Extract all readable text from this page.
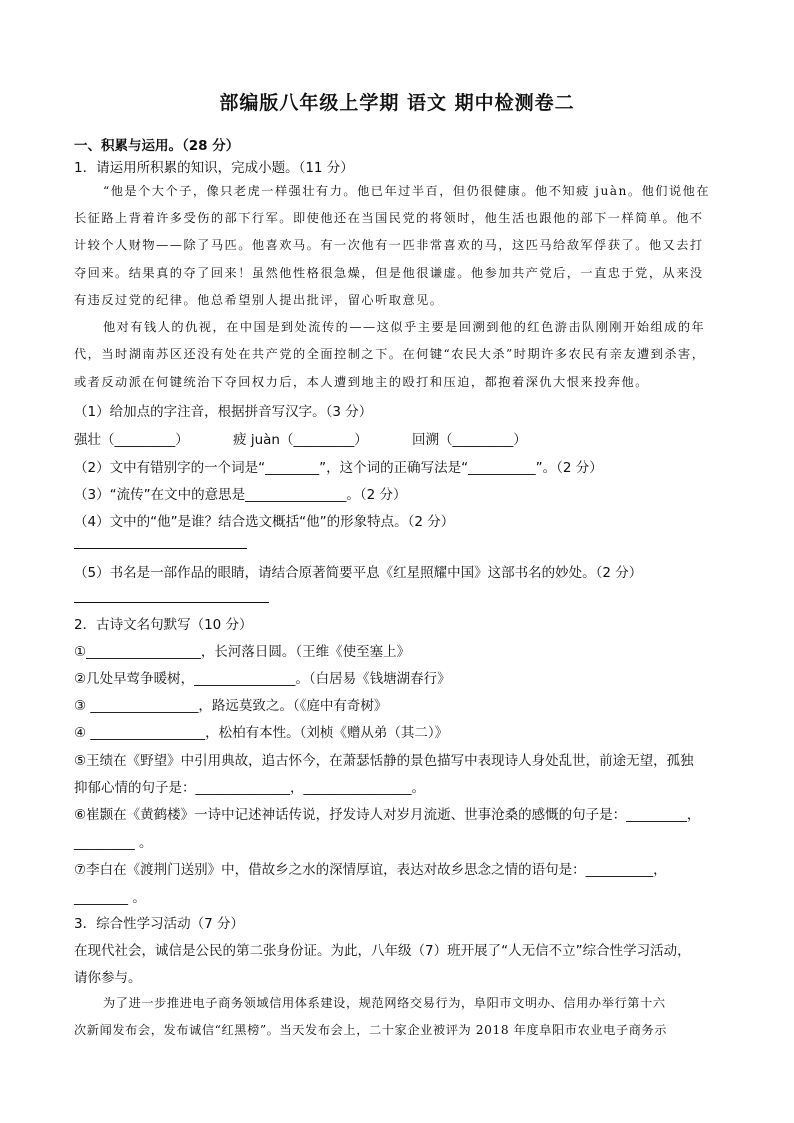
部编版八年级上学期 语文 期中检测卷二
一、积累与运用。（28 分）
1．请运用所积累的知识，完成小题。（11 分）
“他是个大个子，像只老虎一样强壮有力。他已年过半百，但仍很健康。他不知疲 juàn。他们说他在
长征路上背着许多受伤的部下行军。即使他还在当国民党的将领时，他生活也跟他的部下一样简单。他不
计较个人财物——除了马匹。他喜欢马。有一次他有一匹非常喜欢的马，这匹马给敌军俘获了。他又去打
夺回来。结果真的夺了回来！虽然他性格很急燥，但是他很谦虚。他参加共产党后，一直忠于党，从来没
有违反过党的纪律。他总希望别人提出批评，留心听取意见。
他对有钱人的仇视，在中国是到处流传的——这似乎主要是回溯到他的红色游击队刚刚开始组成的年
代，当时湖南苏区还没有处在共产党的全面控制之下。在何键“农民大杀”时期许多农民有亲友遭到杀害，
或者反动派在何键统治下夺回权力后，本人遭到地主的殴打和压迫，都抱着深仇大恨来投奔他。
（1）给加点的字注音，根据拼音写汉字。（3 分）
强壮（_________）	疲 juàn（_________）	回溯（_________）
（2）文中有错别字的一个词是“________”，这个词的正确写法是“__________”。（2 分）
（3）“流传”在文中的意思是_______________。（2 分）
（4）文中的“他”是谁？结合选文概括“他”的形象特点。（2 分）
（5）书名是一部作品的眼睛，请结合原著简要平息《红星照耀中国》这部书名的妙处。（2 分）
2．古诗文名句默写（10 分）
①_________________，长河落日圆。（王维《使至塞上》
②几处早莺争暖树，_______________。（白居易《钱塘湖春行》
③ ________________，路远莫致之。（《庭中有奇树》
④ _________________，松柏有本性。（刘桢《赠从弟（其二）》
⑤王绩在《野望》中引用典故，追古怀今，在萧瑟恬静的景色描写中表现诗人身处乱世，前途无望，孤独
抑郁心情的句子是：______________，________________。
⑥崔颢在《黄鹤楼》一诗中记述神话传说，抒发诗人对岁月流逝、世事沧桑的感慨的句子是：_________，
_________ 。
⑦李白在《渡荆门送别》中，借故乡之水的深情厚谊，表达对故乡思念之情的语句是：__________，
________ 。
3．综合性学习活动（7 分）
在现代社会，诚信是公民的第二张身份证。为此，八年级（7）班开展了“人无信不立”综合性学习活动，
请你参与。
为了进一步推进电子商务领域信用体系建设，规范网络交易行为，阜阳市文明办、信用办举行第十六
次新闻发布会，发布诚信“红黑榜”。当天发布会上，二十家企业被评为 2018 年度阜阳市农业电子商务示
